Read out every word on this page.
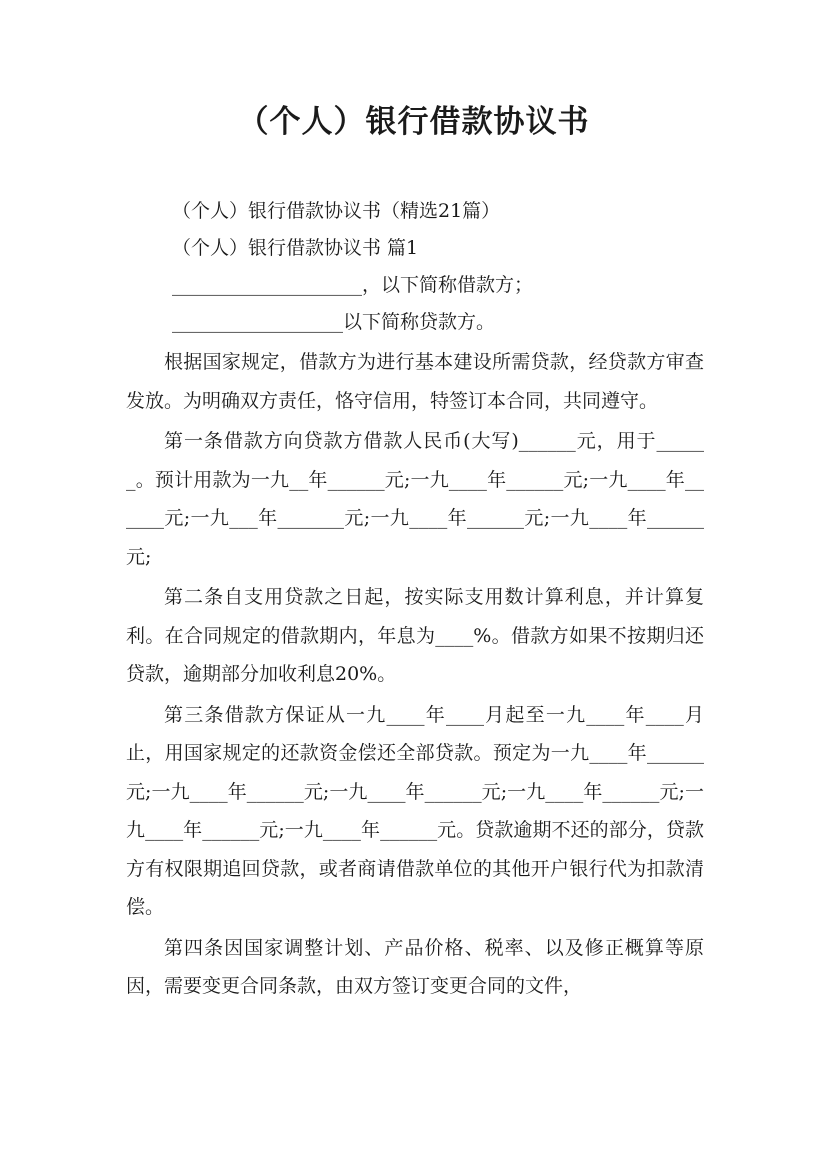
（个人）银行借款协议书

（个人）银行借款协议书（精选21篇）

（个人）银行借款协议书 篇1

____________________，以下简称借款方；

__________________以下简称贷款方。

根据国家规定，借款方为进行基本建设所需贷款，经贷款方审查发放。为明确双方责任，恪守信用，特签订本合同，共同遵守。

第一条借款方向贷款方借款人民币(大写)______元，用于______。预计用款为一九__年______元;一九____年______元;一九____年______元;一九___年_______元;一九____年______元;一九____年______元;

第二条自支用贷款之日起，按实际支用数计算利息，并计算复利。在合同规定的借款期内，年息为____%。借款方如果不按期归还贷款，逾期部分加收利息20%。

第三条借款方保证从一九____年____月起至一九____年____月止，用国家规定的还款资金偿还全部贷款。预定为一九____年______元;一九____年______元;一九____年______元;一九____年______元;一九____年______元;一九____年______元。贷款逾期不还的部分，贷款方有权限期追回贷款，或者商请借款单位的其他开户银行代为扣款清偿。

第四条因国家调整计划、产品价格、税率、以及修正概算等原因，需要变更合同条款，由双方签订变更合同的文件，
